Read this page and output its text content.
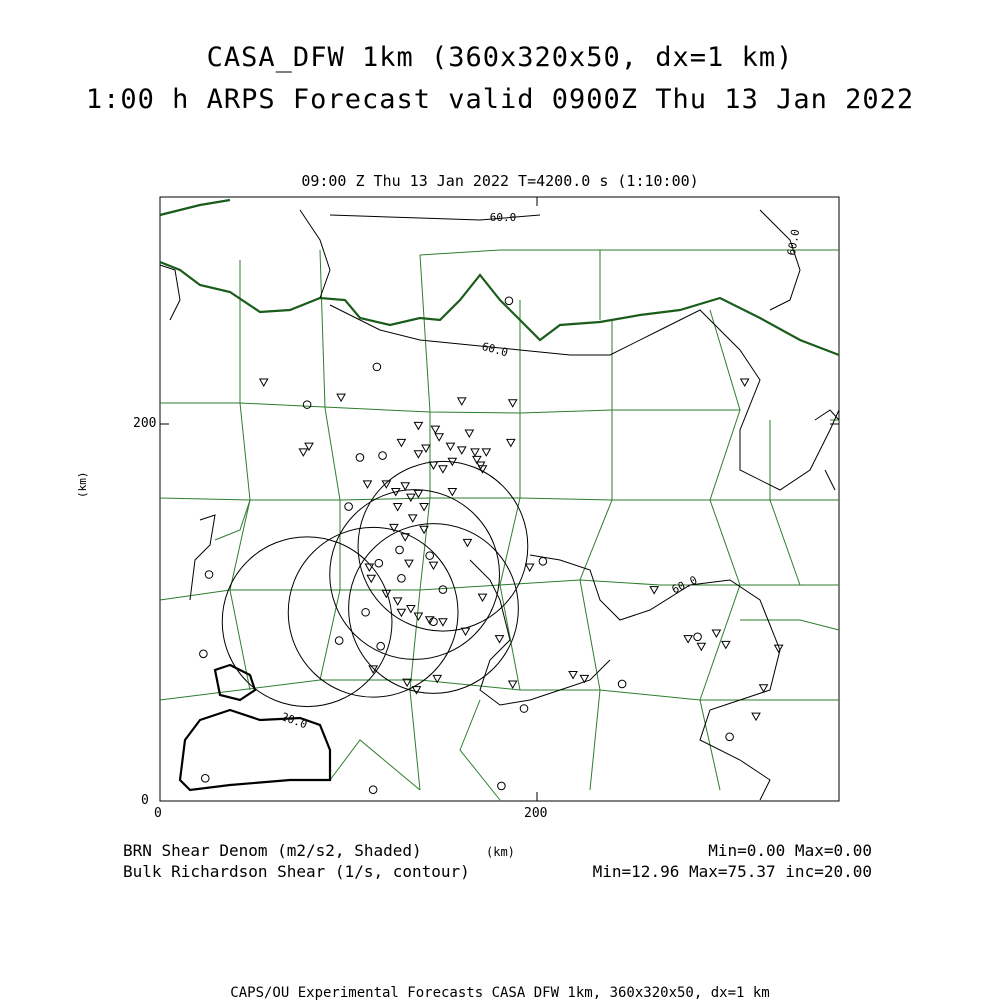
CASA_DFW 1km (360x320x50, dx=1 km)
1:00 h ARPS Forecast valid 0900Z Thu 13 Jan 2022
09:00 Z Thu 13 Jan 2022 T=4200.0 s (1:10:00)
60.0
60.0
60.0
60.0
20.0
200
0
0	200
(km)
(km)
BRN Shear Denom (m2/s2, Shaded)
Bulk Richardson Shear (1/s, contour)
Min=0.00 Max=0.00
Min=12.96 Max=75.37 inc=20.00
CAPS/OU Experimental Forecasts CASA DFW 1km, 360x320x50, dx=1 km
